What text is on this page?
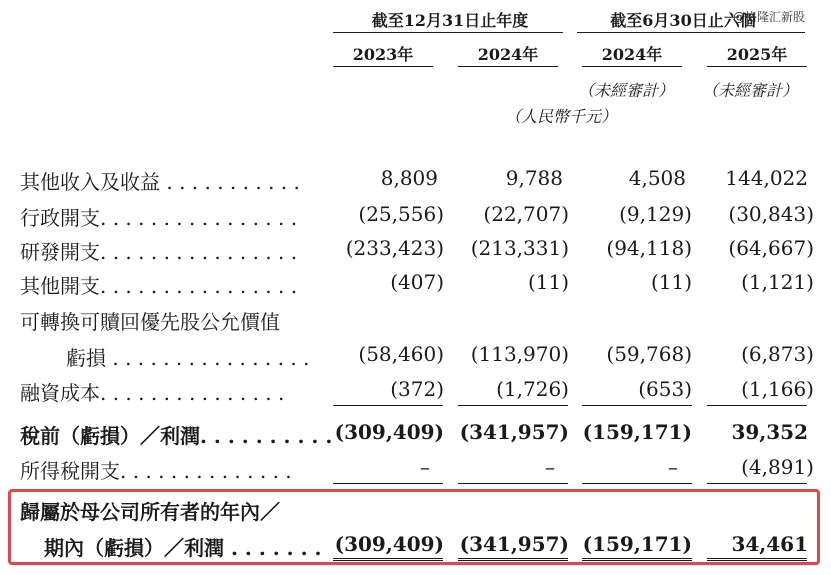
截至12月31日止年度	截至6月30日止六個
@格隆汇新股
2023年	2024年	2024年	2025年
（未經審計） （未經審計）
（人民幣千元）
其他收入及收益 . . . . . . . . . . .	8,809	9,788	4,508	144,022
行政開支. . . . . . . . . . . . . . . .	(25,556)	(22,707)	(9,129)	(30,843)
研發開支. . . . . . . . . . . . . . . .	(233,423)	(213,331)	(94,118)	(64,667)
其他開支. . . . . . . . . . . . . . . .	(407)	(11)	(11)	(1,121)
可轉換可贖回優先股公允價值
虧損 . . . . . . . . . . . . . . . .	(58,460)	(113,970)	(59,768)	(6,873)
融資成本. . . . . . . . . . . . . . .	(372)	(1,726)	(653)	(1,166)
稅前（虧損）／利潤. . . . . . . . . . (309,409) (341,957) (159,171)	39,352
所得稅開支. . . . . . . . . . . . . .	–	–	–	(4,891)
歸屬於母公司所有者的年內／
期內（虧損）／利潤 . . . . . . . (309,409) (341,957) (159,171)	34,461
